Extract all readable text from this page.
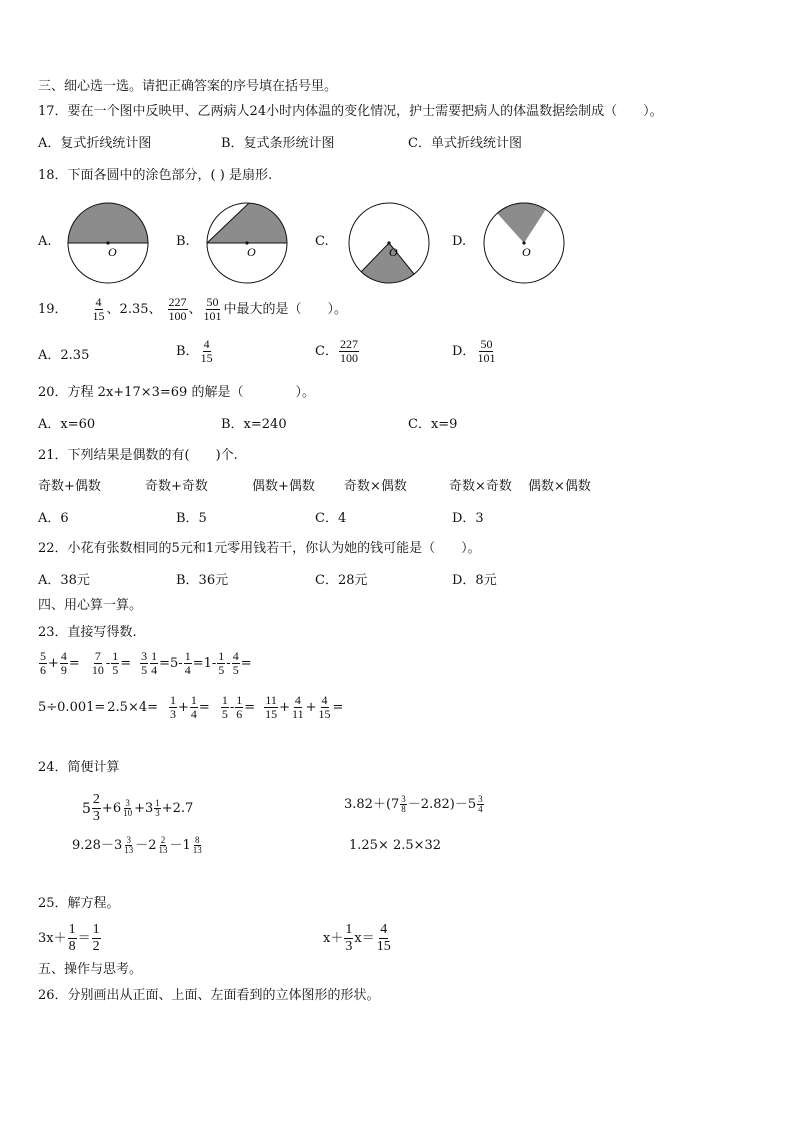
三、细心选一选。请把正确答案的序号填在括号里。
17．要在一个图中反映甲、乙两病人24小时内体温的变化情况，护士需要把病人的体温数据绘制成（　　）。
A．复式折线统计图	B．复式条形统计图	C．单式折线统计图
18．下面各圆中的涂色部分，( ) 是扇形.
A.	B.	C.	D.
O	O	O	O
19． $\frac{4}{15}$ 、2.35、 $\frac{227}{100}$ 、 $\frac{50}{101}$ 中最大的是（　　）。
A．2.35	B． $\frac{4}{15}$	C． $\frac{227}{100}$	D． $\frac{50}{101}$
20．方程 2x+17×3=69 的解是（　　　　）。
A．x=60	B．x=240	C．x=9
21．下列结果是偶数的有(　　)个.
奇数+偶数	奇数+奇数	偶数+偶数 奇数×偶数	奇数×奇数 偶数×偶数
A．6	B．5	C．4	D．3
22．小花有张数相同的5元和1元零用钱若干，你认为她的钱可能是（　　）。
A．38元	B．36元	C．28元	D．8元
四、用心算一算。
23．直接写得数.
$\frac{5}{6} + \frac{4}{9} = \frac{7}{10} - \frac{1}{5} = \frac{3}{5} \frac{1}{4} = 5- \frac{1}{4} = 1- \frac{1}{5} - \frac{4}{5}$ =
$5\div 0.001= 2.5\times 4= \frac{1}{3} + \frac{1}{4} = \frac{1}{5} - \frac{1}{6} = \frac{11}{15} + \frac{4}{11} + \frac{4}{15}$ =
24．简便计算
$5 \frac{2}{3} +6 \frac{3}{10} +3 \frac{1}{3} +2.7$	$3.82+(7 \frac{3}{8} -2.82)-5 \frac{3}{4}$
$9.28-3 \frac{3}{13} -2 \frac{2}{13} -1 \frac{8}{13}$	1.25× 2.5×32
25．解方程。
$3x+ \frac{1}{8} = \frac{1}{2}$	$x+ \frac{1}{3} x= \frac{4}{15}$
五、操作与思考。
26．分别画出从正面、上面、左面看到的立体图形的形状。
